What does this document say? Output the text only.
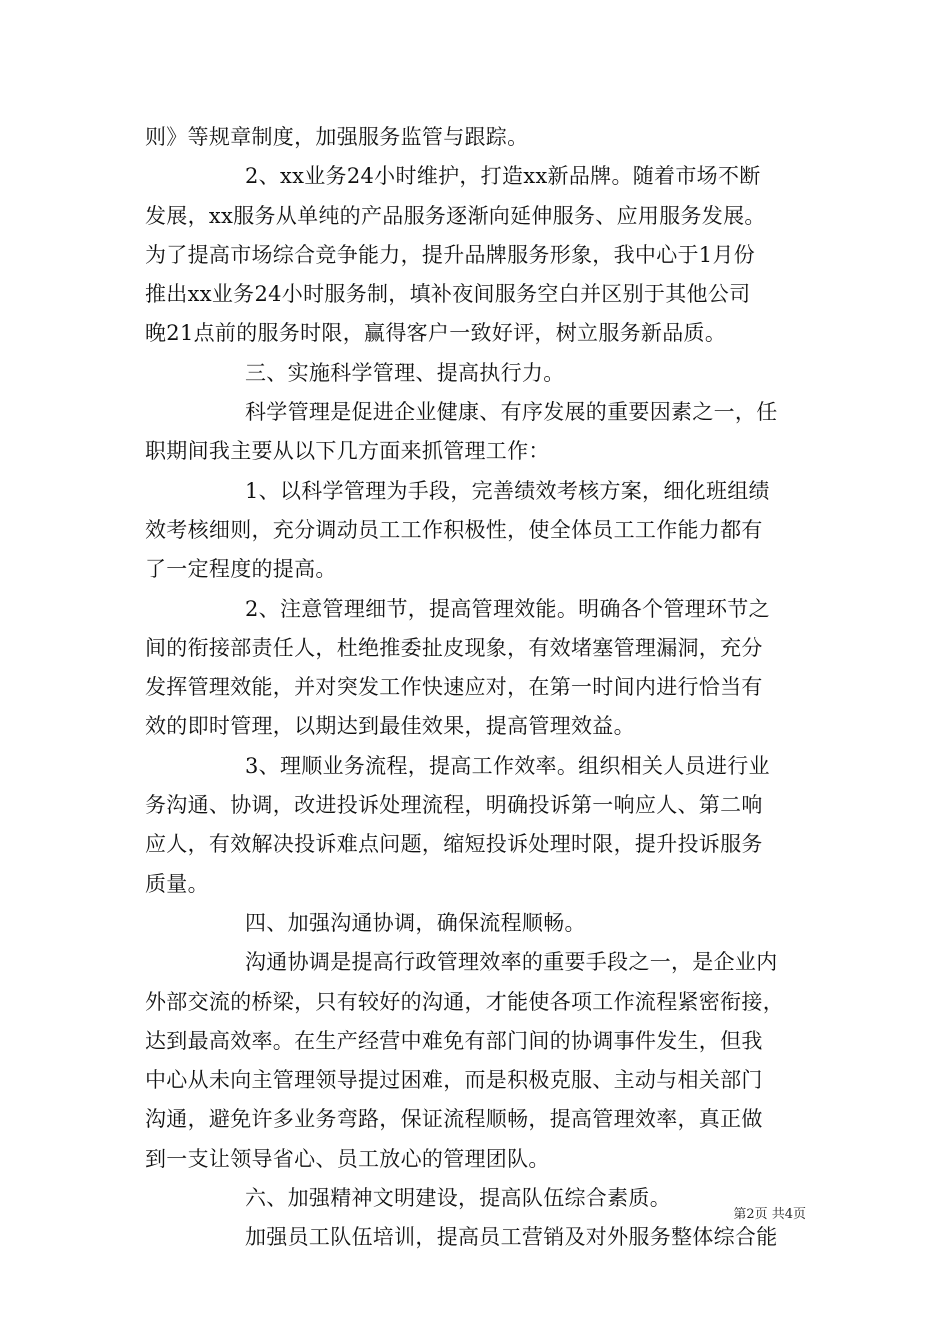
则》等规章制度，加强服务监管与跟踪。
2、xx业务24小时维护，打造xx新品牌。随着市场不断
发展，xx服务从单纯的产品服务逐渐向延伸服务、应用服务发展。
为了提高市场综合竞争能力，提升品牌服务形象，我中心于1月份
推出xx业务24小时服务制，填补夜间服务空白并区别于其他公司
晚21点前的服务时限，赢得客户一致好评，树立服务新品质。
三、实施科学管理、提高执行力。
科学管理是促进企业健康、有序发展的重要因素之一，任
职期间我主要从以下几方面来抓管理工作：
1、以科学管理为手段，完善绩效考核方案，细化班组绩
效考核细则，充分调动员工工作积极性，使全体员工工作能力都有
了一定程度的提高。
2、注意管理细节，提高管理效能。明确各个管理环节之
间的衔接部责任人，杜绝推委扯皮现象，有效堵塞管理漏洞，充分
发挥管理效能，并对突发工作快速应对，在第一时间内进行恰当有
效的即时管理，以期达到最佳效果，提高管理效益。
3、理顺业务流程，提高工作效率。组织相关人员进行业
务沟通、协调，改进投诉处理流程，明确投诉第一响应人、第二响
应人，有效解决投诉难点问题，缩短投诉处理时限，提升投诉服务
质量。
四、加强沟通协调，确保流程顺畅。
沟通协调是提高行政管理效率的重要手段之一，是企业内
外部交流的桥梁，只有较好的沟通，才能使各项工作流程紧密衔接，
达到最高效率。在生产经营中难免有部门间的协调事件发生，但我
中心从未向主管理领导提过困难，而是积极克服、主动与相关部门
沟通，避免许多业务弯路，保证流程顺畅，提高管理效率，真正做
到一支让领导省心、员工放心的管理团队。
六、加强精神文明建设，提高队伍综合素质。
加强员工队伍培训，提高员工营销及对外服务整体综合能
第2页 共4页
